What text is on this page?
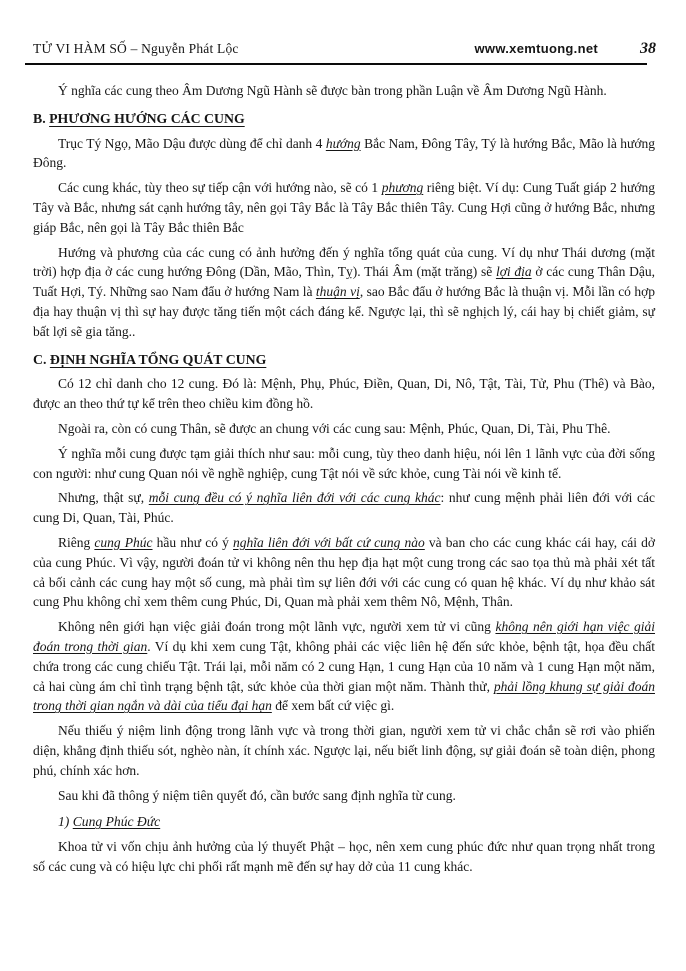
TỬ VI HÀM SỐ – Nguyễn Phát Lộc	www.xemtuong.net	38

Ý nghĩa các cung theo Âm Dương Ngũ Hành sẽ được bàn trong phần Luận về Âm Dương Ngũ Hành.

B. PHƯƠNG HƯỚNG CÁC CUNG

Trục Tý Ngọ, Mão Dậu được dùng để chỉ danh 4 hướng Bắc Nam, Đông Tây, Tý là hướng Bắc, Mão là hướng Đông.

Các cung khác, tùy theo sự tiếp cận với hướng nào, sẽ có 1 phương riêng biệt. Ví dụ: Cung Tuất giáp 2 hướng Tây và Bắc, nhưng sát cạnh hướng tây, nên gọi Tây Bắc là Tây Bắc thiên Tây. Cung Hợi cũng ở hướng Bắc, nhưng giáp Bắc, nên gọi là Tây Bắc thiên Bắc

Hướng và phương của các cung có ảnh hưởng đến ý nghĩa tổng quát của cung. Ví dụ như Thái dương (mặt trời) hợp địa ở các cung hướng Đông (Dần, Mão, Thìn, Tỵ). Thái Âm (mặt trăng) sẽ lợi địa ở các cung Thân Dậu, Tuất Hợi, Tý. Những sao Nam đẩu ở hướng Nam là thuận vị, sao Bắc đẩu ở hướng Bắc là thuận vị. Mỗi lần có hợp địa hay thuận vị thì sự hay được tăng tiến một cách đáng kể. Ngược lại, thì sẽ nghịch lý, cái hay bị chiết giảm, sự bất lợi sẽ gia tăng..

C. ĐỊNH NGHĨA TỔNG QUÁT CUNG

Có 12 chỉ danh cho 12 cung. Đó là: Mệnh, Phụ, Phúc, Điền, Quan, Di, Nô, Tật, Tài, Tử, Phu (Thê) và Bào, được an theo thứ tự kể trên theo chiều kim đồng hồ.

Ngoài ra, còn có cung Thân, sẽ được an chung với các cung sau: Mệnh, Phúc, Quan, Di, Tài, Phu Thê.

Ý nghĩa mỗi cung được tạm giải thích như sau: mỗi cung, tùy theo danh hiệu, nói lên 1 lãnh vực của đời sống con người: như cung Quan nói về nghề nghiệp, cung Tật nói về sức khỏe, cung Tài nói về kinh tế.

Nhưng, thật sự, mỗi cung đều có ý nghĩa liên đới với các cung khác: như cung mệnh phải liên đới với các cung Di, Quan, Tài, Phúc.

Riêng cung Phúc hầu như có ý nghĩa liên đới với bất cứ cung nào và ban cho các cung khác cái hay, cái dở của cung Phúc. Vì vậy, người đoán tử vi không nên thu hẹp địa hạt một cung trong các sao tọa thủ mà phải xét tất cả bối cảnh các cung hay một số cung, mà phải tìm sự liên đới với các cung có quan hệ khác. Ví dụ như khảo sát cung Phu không chỉ xem thêm cung Phúc, Di, Quan mà phải xem thêm Nô, Mệnh, Thân.

Không nên giới hạn việc giải đoán trong một lãnh vực, người xem tử vi cũng không nên giới hạn việc giải đoán trong thời gian. Ví dụ khi xem cung Tật, không phải các việc liên hệ đến sức khỏe, bệnh tật, họa đều chất chứa trong các cung chiếu Tật. Trái lại, mỗi năm có 2 cung Hạn, 1 cung Hạn của 10 năm và 1 cung Hạn một năm, cả hai cùng ám chỉ tình trạng bệnh tật, sức khỏe của thời gian một năm. Thành thử, phải lồng khung sự giải đoán trong thời gian ngắn và dài của tiểu đại hạn để xem bất cứ việc gì.

Nếu thiếu ý niệm linh động trong lãnh vực và trong thời gian, người xem tử vi chắc chắn sẽ rơi vào phiến diện, khẳng định thiếu sót, nghèo nàn, ít chính xác. Ngược lại, nếu biết linh động, sự giải đoán sẽ toàn diện, phong phú, chính xác hơn.

Sau khi đã thông ý niệm tiên quyết đó, cần bước sang định nghĩa từ cung.

1) Cung Phúc Đức

Khoa tử vi vốn chịu ảnh hưởng của lý thuyết Phật – học, nên xem cung phúc đức như quan trọng nhất trong số các cung và có hiệu lực chi phối rất mạnh mẽ đến sự hay dở của 11 cung khác.
